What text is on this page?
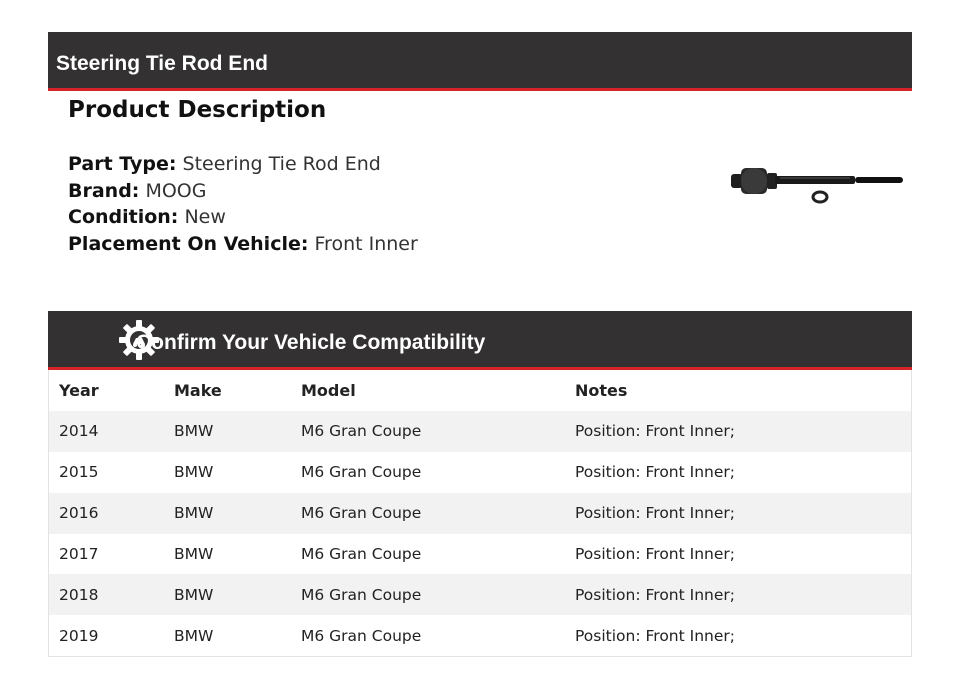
Steering Tie Rod End
Product Description
Part Type: Steering Tie Rod End
Brand: MOOG
Condition: New
Placement On Vehicle: Front Inner
Confirm Your Vehicle Compatibility
Year	Make	Model	Notes
2014	BMW	M6 Gran Coupe	Position: Front Inner;
2015	BMW	M6 Gran Coupe	Position: Front Inner;
2016	BMW	M6 Gran Coupe	Position: Front Inner;
2017	BMW	M6 Gran Coupe	Position: Front Inner;
2018	BMW	M6 Gran Coupe	Position: Front Inner;
2019	BMW	M6 Gran Coupe	Position: Front Inner;
